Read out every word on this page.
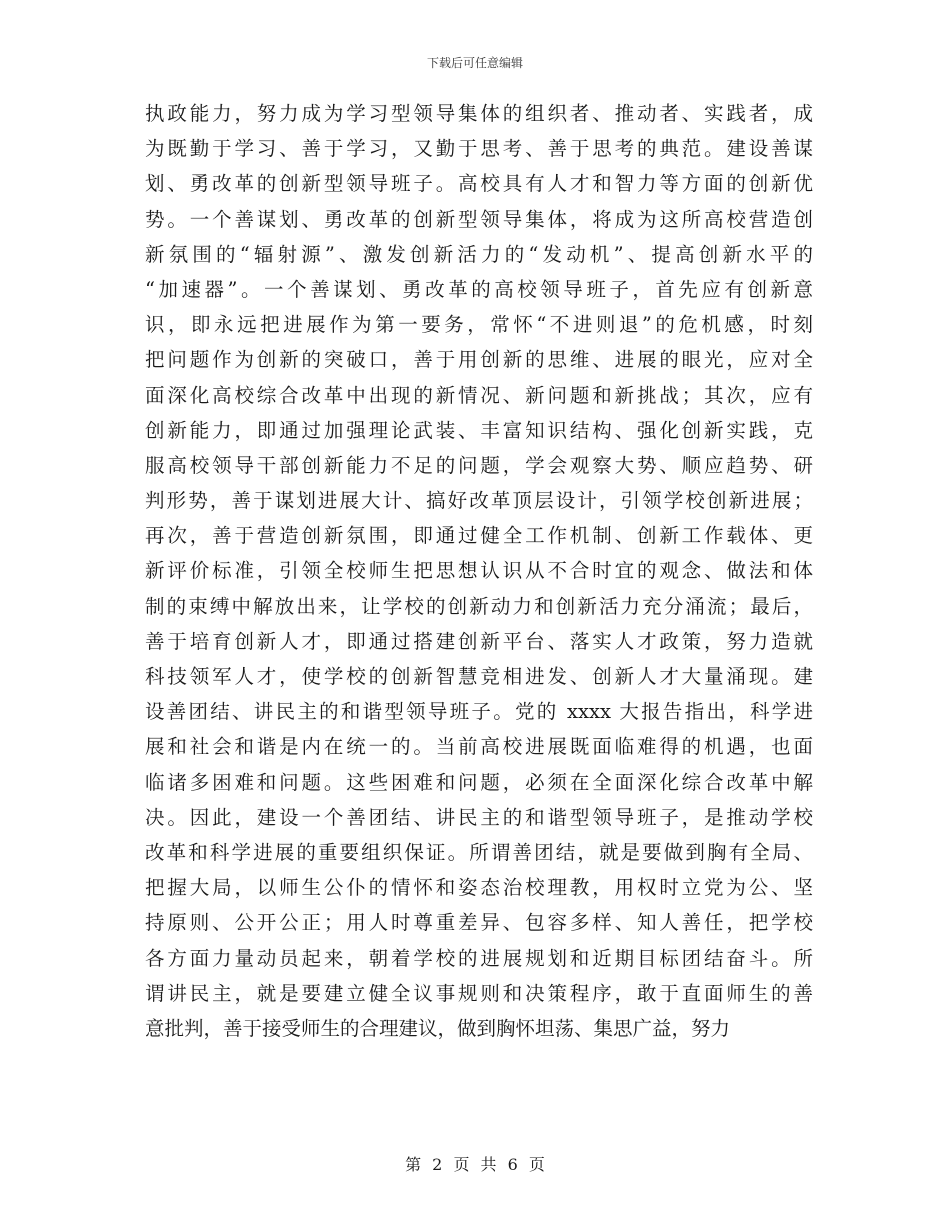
下载后可任意编辑
执政能力，努力成为学习型领导集体的组织者、推动者、实践者，成
为既勤于学习、善于学习，又勤于思考、善于思考的典范。建设善谋
划、勇改革的创新型领导班子。高校具有人才和智力等方面的创新优
势。一个善谋划、勇改革的创新型领导集体，将成为这所高校营造创
新氛围的“辐射源”、激发创新活力的“发动机”、提高创新水平的
“加速器”。一个善谋划、勇改革的高校领导班子，首先应有创新意
识，即永远把进展作为第一要务，常怀“不进则退”的危机感，时刻
把问题作为创新的突破口，善于用创新的思维、进展的眼光，应对全
面深化高校综合改革中出现的新情况、新问题和新挑战；其次，应有
创新能力，即通过加强理论武装、丰富知识结构、强化创新实践，克
服高校领导干部创新能力不足的问题，学会观察大势、顺应趋势、研
判形势，善于谋划进展大计、搞好改革顶层设计，引领学校创新进展；
再次，善于营造创新氛围，即通过健全工作机制、创新工作载体、更
新评价标准，引领全校师生把思想认识从不合时宜的观念、做法和体
制的束缚中解放出来，让学校的创新动力和创新活力充分涌流；最后，
善于培育创新人才，即通过搭建创新平台、落实人才政策，努力造就
科技领军人才，使学校的创新智慧竞相进发、创新人才大量涌现。建
设善团结、讲民主的和谐型领导班子。党的 xxxx 大报告指出，科学进
展和社会和谐是内在统一的。当前高校进展既面临难得的机遇，也面
临诸多困难和问题。这些困难和问题，必须在全面深化综合改革中解
决。因此，建设一个善团结、讲民主的和谐型领导班子，是推动学校
改革和科学进展的重要组织保证。所谓善团结，就是要做到胸有全局、
把握大局，以师生公仆的情怀和姿态治校理教，用权时立党为公、坚
持原则、公开公正；用人时尊重差异、包容多样、知人善任，把学校
各方面力量动员起来，朝着学校的进展规划和近期目标团结奋斗。所
谓讲民主，就是要建立健全议事规则和决策程序，敢于直面师生的善
意批判，善于接受师生的合理建议，做到胸怀坦荡、集思广益，努力
第 2 页 共 6 页
